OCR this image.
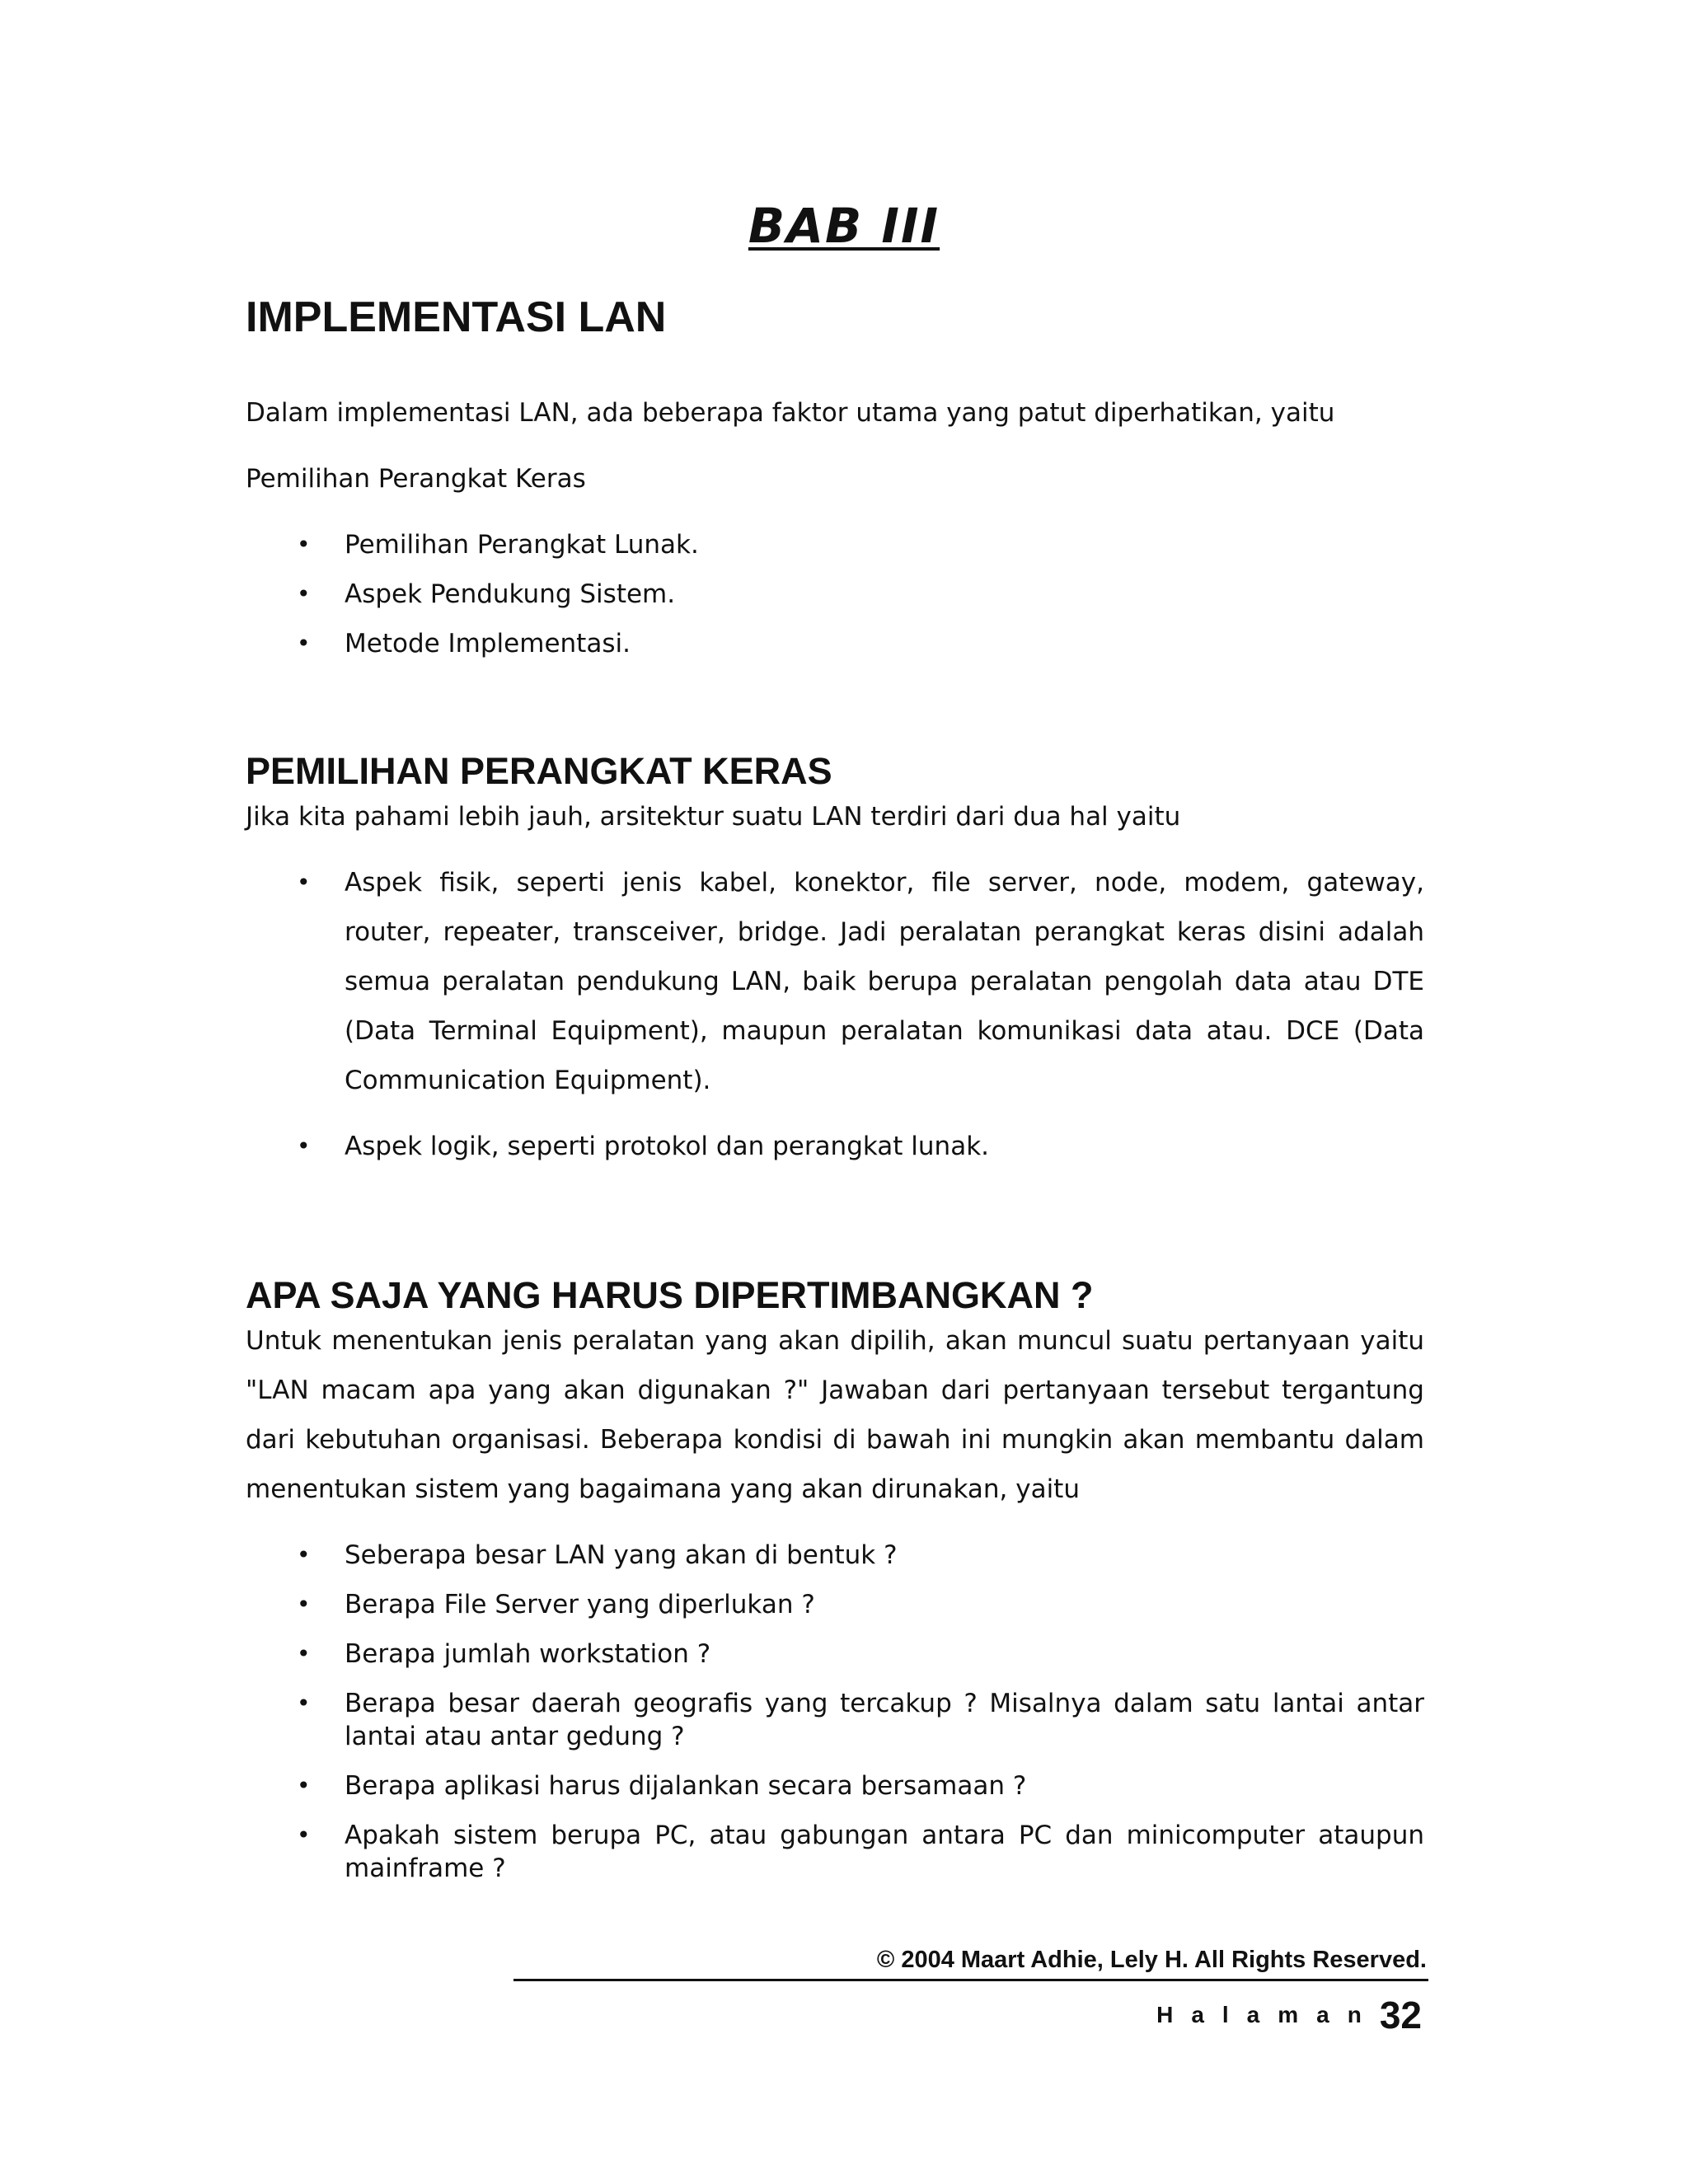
BAB III
IMPLEMENTASI LAN

Dalam implementasi LAN, ada beberapa faktor utama yang patut diperhatikan, yaitu

Pemilihan Perangkat Keras

• Pemilihan Perangkat Lunak.
• Aspek Pendukung Sistem.
• Metode Implementasi.
PEMILIHAN PERANGKAT KERAS

Jika kita pahami lebih jauh, arsitektur suatu LAN terdiri dari dua hal yaitu

• Aspek fisik, seperti jenis kabel, konektor, file server, node, modem, gateway, router, repeater, transceiver, bridge. Jadi peralatan perangkat keras disini adalah semua peralatan pendukung LAN, baik berupa peralatan pengolah data atau DTE (Data Terminal Equipment), maupun peralatan komunikasi data atau. DCE (Data Communication Equipment).
• Aspek logik, seperti protokol dan perangkat lunak.
APA SAJA YANG HARUS DIPERTIMBANGKAN ?

Untuk menentukan jenis peralatan yang akan dipilih, akan muncul suatu pertanyaan yaitu "LAN macam apa yang akan digunakan ?" Jawaban dari pertanyaan tersebut tergantung dari kebutuhan organisasi. Beberapa kondisi di bawah ini mungkin akan membantu dalam menentukan sistem yang bagaimana yang akan dirunakan, yaitu

• Seberapa besar LAN yang akan di bentuk ?
• Berapa File Server yang diperlukan ?
• Berapa jumlah workstation ?
• Berapa besar daerah geografis yang tercakup ? Misalnya dalam satu lantai antar lantai atau antar gedung ?
• Berapa aplikasi harus dijalankan secara bersamaan ?
• Apakah sistem berupa PC, atau gabungan antara PC dan minicomputer ataupun mainframe ?
© 2004 Maart Adhie, Lely H. All Rights Reserved.
Halaman32
